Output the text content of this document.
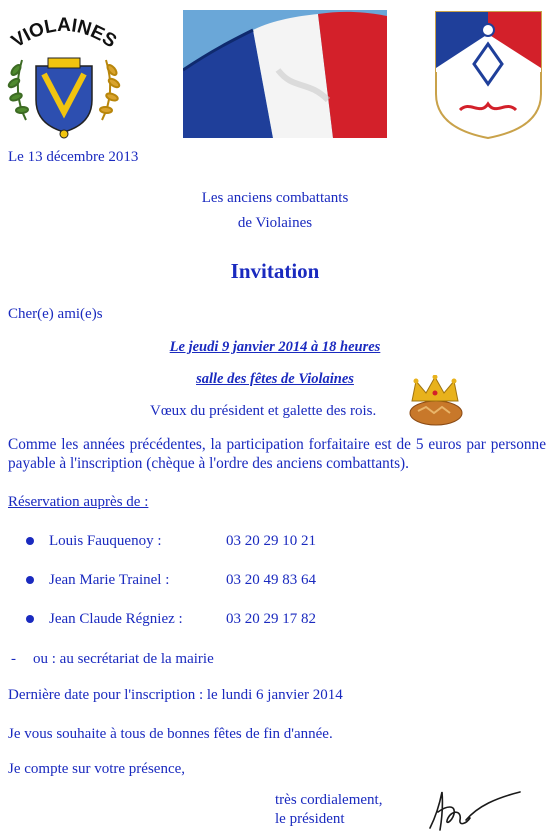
VIOLAINES
Le 13 décembre 2013
Les anciens combattants
de Violaines
Invitation
Cher(e) ami(e)s
Le jeudi 9 janvier 2014 à 18 heures
salle des fêtes de Violaines
Vœux du président et galette des rois.
Comme les années précédentes, la participation forfaitaire est de 5 euros par personne payable à l'inscription (chèque à l'ordre des anciens combattants).
Réservation auprès de :
Louis Fauquenoy :	03 20 29 10 21
Jean Marie Trainel :	03 20 49 83 64
Jean Claude Régniez :	03 20 29 17 82
- ou : au secrétariat de la mairie
Dernière date pour l'inscription : le lundi 6 janvier 2014
Je vous souhaite à tous de bonnes fêtes de fin d'année.
Je compte sur votre présence,
très cordialement,
le président
